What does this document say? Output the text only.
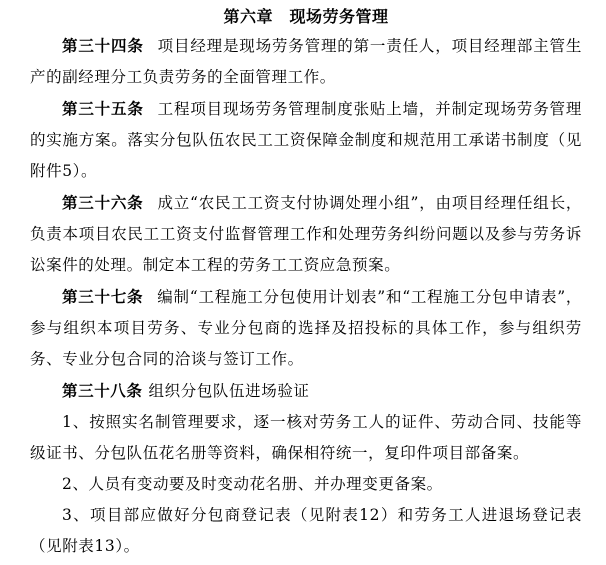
第六章　现场劳务管理

第三十四条 项目经理是现场劳务管理的第一责任人，项目经理部主管生产的副经理分工负责劳务的全面管理工作。

第三十五条 工程项目现场劳务管理制度张贴上墙，并制定现场劳务管理的实施方案。落实分包队伍农民工工资保障金制度和规范用工承诺书制度（见附件5）。

第三十六条 成立“农民工工资支付协调处理小组”，由项目经理任组长，负责本项目农民工工资支付监督管理工作和处理劳务纠纷问题以及参与劳务诉讼案件的处理。制定本工程的劳务工工资应急预案。

第三十七条 编制“工程施工分包使用计划表”和“工程施工分包申请表”，参与组织本项目劳务、专业分包商的选择及招投标的具体工作，参与组织劳务、专业分包合同的洽谈与签订工作。

第三十八条 组织分包队伍进场验证

1、按照实名制管理要求，逐一核对劳务工人的证件、劳动合同、技能等级证书、分包队伍花名册等资料，确保相符统一，复印件项目部备案。

2、人员有变动要及时变动花名册、并办理变更备案。

3、项目部应做好分包商登记表（见附表12）和劳务工人进退场登记表（见附表13）。
